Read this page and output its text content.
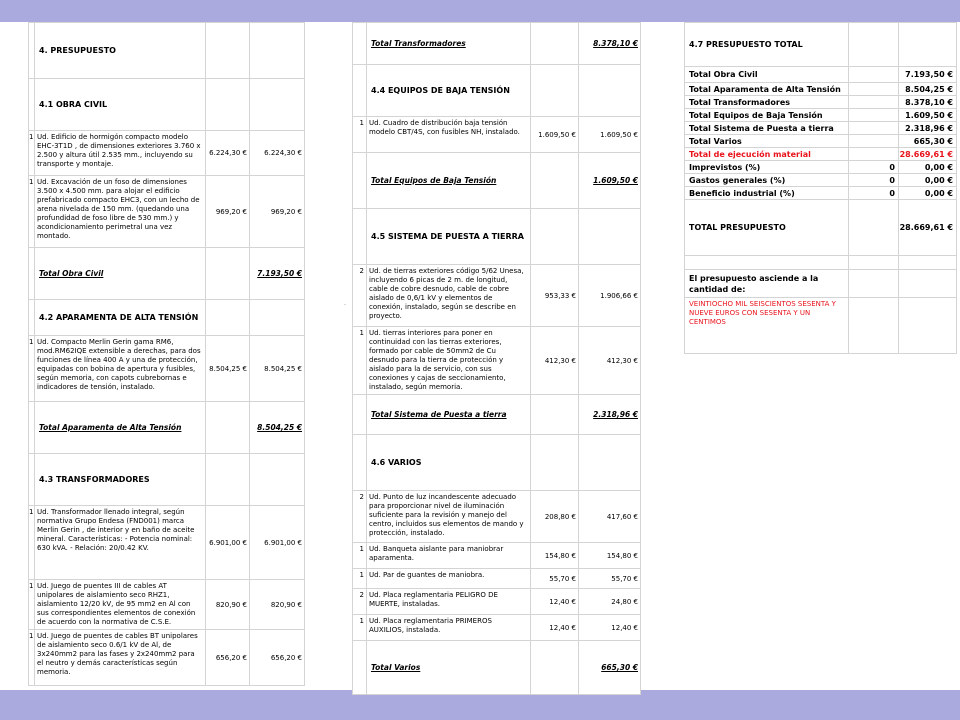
	4. PRESUPUESTO		
	4.1 OBRA CIVIL		
1	Ud. Edificio de hormigón compacto modelo EHC-3T1D , de dimensiones exteriores 3.760 x 2.500 y altura útil 2.535 mm., incluyendo su transporte y montaje.	6.224,30 €	6.224,30 €
1	Ud. Excavación de un foso de dimensiones 3.500 x 4.500 mm. para alojar el edificio prefabricado compacto EHC3, con un lecho de arena nivelada de 150 mm. (quedando una profundidad de foso libre de 530 mm.) y acondicionamiento perimetral una vez montado.	969,20 €	969,20 €
	Total Obra Civil		7.193,50 €
	4.2 APARAMENTA DE ALTA TENSIÓN		
1	Ud. Compacto Merlin Gerin gama RM6, mod.RM62IQE extensible a derechas, para dos funciones de línea 400 A y una de protección, equipadas con bobina de apertura y fusibles, según memoria, con capots cubrebornas e indicadores de tensión, instalado.	8.504,25 €	8.504,25 €
	Total Aparamenta de Alta Tensión		8.504,25 €
	4.3 TRANSFORMADORES		
1	Ud. Transformador llenado integral, según normativa Grupo Endesa (FND001) marca Merlin Gerin , de interior y en baño de aceite mineral. Características: - Potencia nominal: 630 kVA. - Relación: 20/0.42 KV.	6.901,00 €	6.901,00 €
1	Ud. Juego de puentes III de cables AT unipolares de aislamiento seco RHZ1, aislamiento 12/20 kV, de 95 mm2 en Al con sus correspondientes elementos de conexión de acuerdo con la normativa de C.S.E.	820,90 €	820,90 €
1	Ud. Juego de puentes de cables BT unipolares de aislamiento seco 0.6/1 kV de Al, de 3x240mm2 para las fases y 2x240mm2 para el neutro y demás características según memoria.	656,20 €	656,20 €
	Total Transformadores		8.378,10 €
	4.4 EQUIPOS DE BAJA TENSIÓN		
1	Ud. Cuadro de distribución baja tensión modelo CBT/4S, con fusibles NH, instalado.	1.609,50 €	1.609,50 €
	Total Equipos de Baja Tensión		1.609,50 €
	4.5 SISTEMA DE PUESTA A TIERRA		
2	Ud. de tierras exteriores código 5/62 Unesa, incluyendo 6 picas de 2 m. de longitud, cable de cobre desnudo, cable de cobre aislado de 0,6/1 kV y elementos de conexión, instalado, según se describe en proyecto.	953,33 €	1.906,66 €
1	Ud. tierras interiores para poner en continuidad con las tierras exteriores, formado por cable de 50mm2 de Cu desnudo para la tierra de protección y aislado para la de servicio, con sus conexiones y cajas de seccionamiento, instalado, según memoria.	412,30 €	412,30 €
	Total Sistema de Puesta a tierra		2.318,96 €
	4.6 VARIOS		
2	Ud. Punto de luz incandescente adecuado para proporcionar nivel de iluminación suficiente para la revisión y manejo del centro, incluidos sus elementos de mando y protección, instalado.	208,80 €	417,60 €
1	Ud. Banqueta aislante para maniobrar aparamenta.	154,80 €	154,80 €
1	Ud. Par de guantes de maniobra.	55,70 €	55,70 €
2	Ud. Placa reglamentaria PELIGRO DE MUERTE, instaladas.	12,40 €	24,80 €
1	Ud. Placa reglamentaria PRIMEROS AUXILIOS, instalada.	12,40 €	12,40 €
	Total Varios		665,30 €
4.7 PRESUPUESTO TOTAL		
Total Obra Civil		7.193,50 €
Total Aparamenta de Alta Tensión		8.504,25 €
Total Transformadores		8.378,10 €
Total Equipos de Baja Tensión		1.609,50 €
Total Sistema de Puesta a tierra		2.318,96 €
Total Varios		665,30 €
Total de ejecución material		28.669,61 €
Imprevistos (%)	0	0,00 €
Gastos generales (%)	0	0,00 €
Beneficio industrial (%)	0	0,00 €
TOTAL PRESUPUESTO		28.669,61 €

El presupuesto asciende a la cantidad de:		
VEINTIOCHO MIL SEISCIENTOS SESENTA Y NUEVE EUROS CON SESENTA Y UN CENTIMOS		
.
